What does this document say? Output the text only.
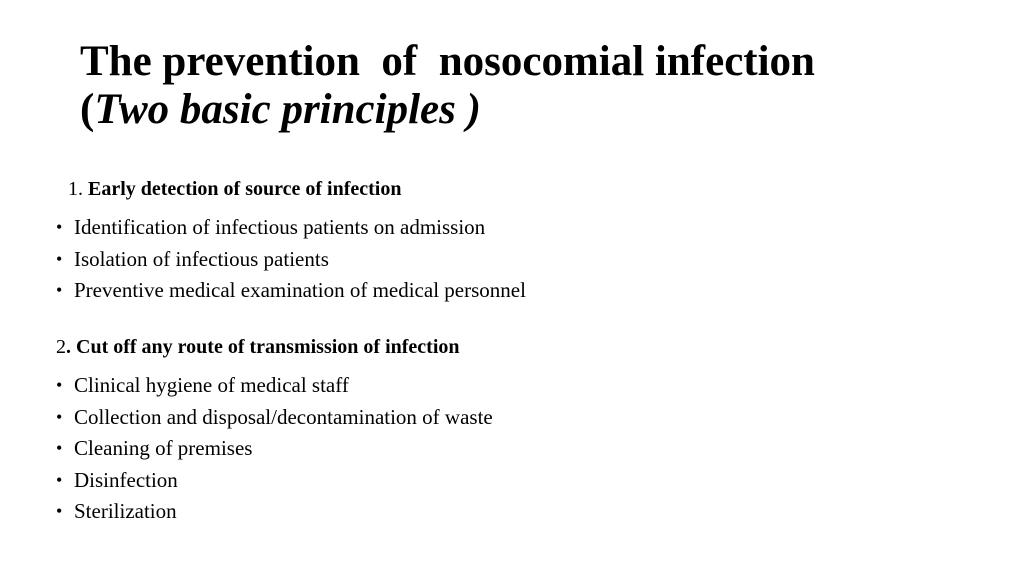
The prevention  of  nosocomial infection
(Two basic principles )
1. Early detection of source of infection
• Identification of infectious patients on admission
• Isolation of infectious patients
• Preventive medical examination of medical personnel
2. Cut off any route of transmission of infection
• Clinical hygiene of medical staff
• Collection and disposal/decontamination of waste
• Cleaning of premises
• Disinfection
• Sterilization
